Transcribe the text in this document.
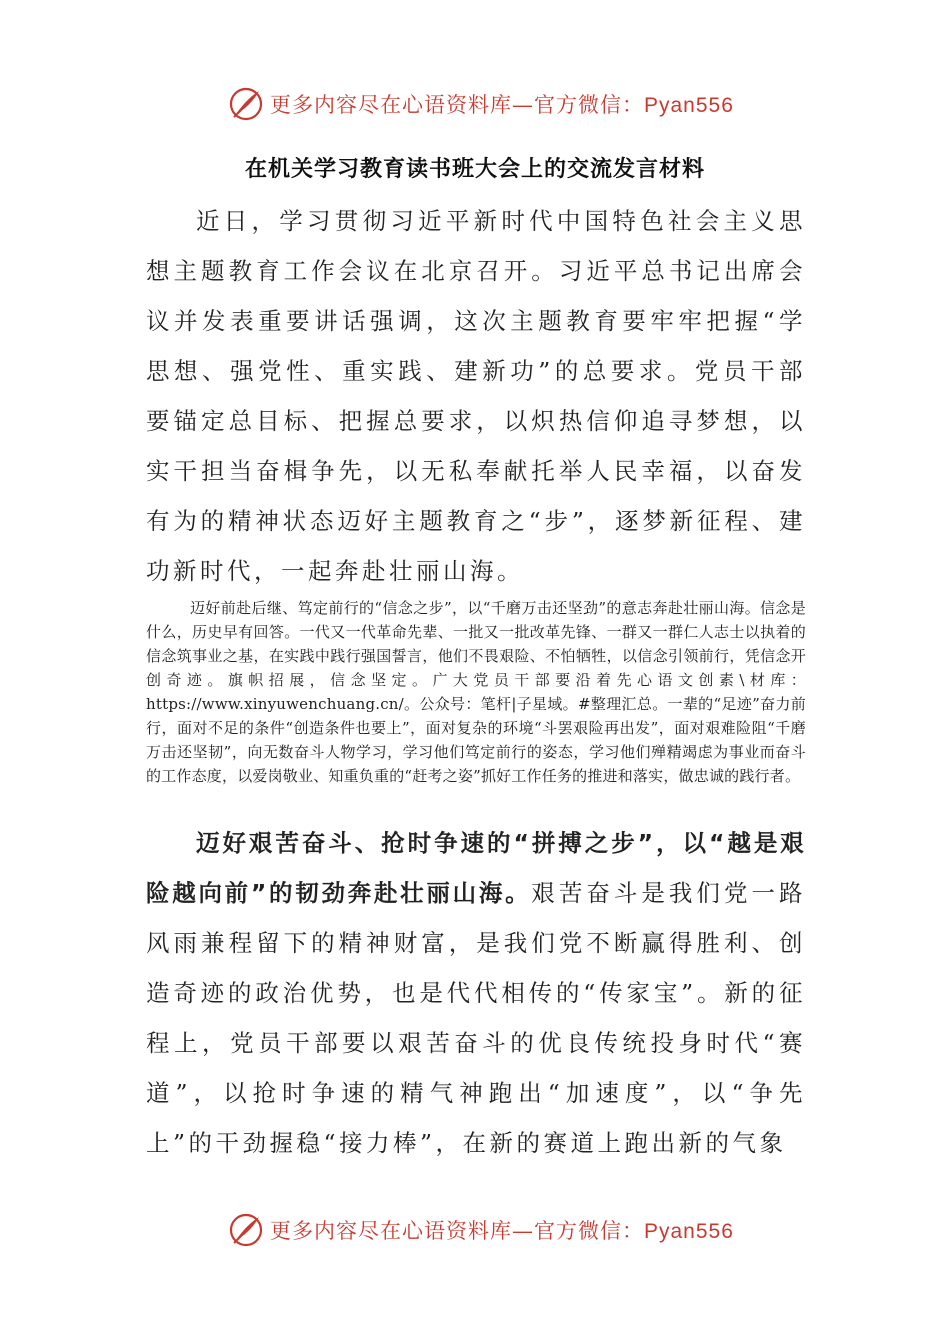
更多内容尽在心语资料库—官方微信：Pyan556
在机关学习教育读书班大会上的交流发言材料

近日，学习贯彻习近平新时代中国特色社会主义思想主题教育工作会议在北京召开。习近平总书记出席会议并发表重要讲话强调，这次主题教育要牢牢把握“学思想、强党性、重实践、建新功”的总要求。党员干部要锚定总目标、把握总要求，以炽热信仰追寻梦想，以实干担当奋楫争先，以无私奉献托举人民幸福，以奋发有为的精神状态迈好主题教育之“步”，逐梦新征程、建功新时代，一起奔赴壮丽山海。

迈好前赴后继、笃定前行的“信念之步”，以“千磨万击还坚劲”的意志奔赴壮丽山海。信念是什么，历史早有回答。一代又一代革命先辈、一批又一批改革先锋、一群又一群仁人志士以执着的信念筑事业之基，在实践中践行强国誓言，他们不畏艰险、不怕牺牲，以信念引领前行，凭信念开创奇迹。旗帜招展，信念坚定。广大党员干部要沿着先心语文创素\材库：https://www.xinyuwenchuang.cn/。公众号：笔杆|子星域。#整理汇总。一辈的“足迹”奋力前行，面对不足的条件“创造条件也要上”，面对复杂的环境“斗罢艰险再出发”，面对艰难险阻“千磨万击还坚韧”，向无数奋斗人物学习，学习他们笃定前行的姿态，学习他们殚精竭虑为事业而奋斗的工作态度，以爱岗敬业、知重负重的“赶考之姿”抓好工作任务的推进和落实，做忠诚的践行者。

迈好艰苦奋斗、抢时争速的“拼搏之步”，以“越是艰险越向前”的韧劲奔赴壮丽山海。艰苦奋斗是我们党一路风雨兼程留下的精神财富，是我们党不断赢得胜利、创造奇迹的政治优势，也是代代相传的“传家宝”。新的征程上，党员干部要以艰苦奋斗的优良传统投身时代“赛道”，以抢时争速的精气神跑出“加速度”，以“争先上”的干劲握稳“接力棒”，在新的赛道上跑出新的气象

更多内容尽在心语资料库—官方微信：Pyan556
